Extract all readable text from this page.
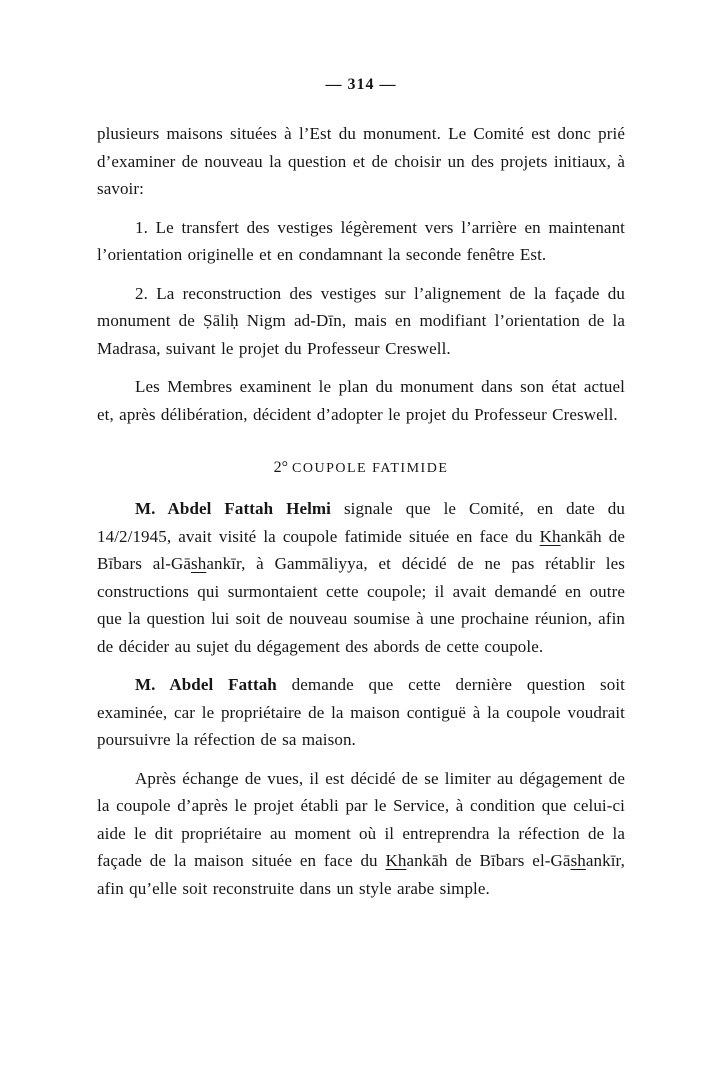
— 314 —

plusieurs maisons situées à l’Est du monument. Le Comité est donc prié d’examiner de nouveau la question et de choisir un des projets initiaux, à savoir:

1. Le transfert des vestiges légèrement vers l’arrière en maintenant l’orientation originelle et en condamnant la seconde fenêtre Est.

2. La reconstruction des vestiges sur l’alignement de la façade du monument de Ṣāliḥ Nigm ad-Dīn, mais en modifiant l’orientation de la Madrasa, suivant le projet du Professeur Creswell.

Les Membres examinent le plan du monument dans son état actuel et, après délibération, décident d’adopter le projet du Professeur Creswell.

2° COUPOLE FATIMIDE

M. Abdel Fattah Helmi signale que le Comité, en date du 14/2/1945, avait visité la coupole fatimide située en face du Khankāh de Bībars al-Gāshankīr, à Gammāliyya, et décidé de ne pas rétablir les constructions qui surmontaient cette coupole; il avait demandé en outre que la question lui soit de nouveau soumise à une prochaine réunion, afin de décider au sujet du dégagement des abords de cette coupole.

M. Abdel Fattah demande que cette dernière question soit examinée, car le propriétaire de la maison contiguë à la coupole voudrait poursuivre la réfection de sa maison.

Après échange de vues, il est décidé de se limiter au dégagement de la coupole d’après le projet établi par le Service, à condition que celui-ci aide le dit propriétaire au moment où il entreprendra la réfection de la façade de la maison située en face du Khankāh de Bībars el-Gāshankīr, afin qu’elle soit reconstruite dans un style arabe simple.
